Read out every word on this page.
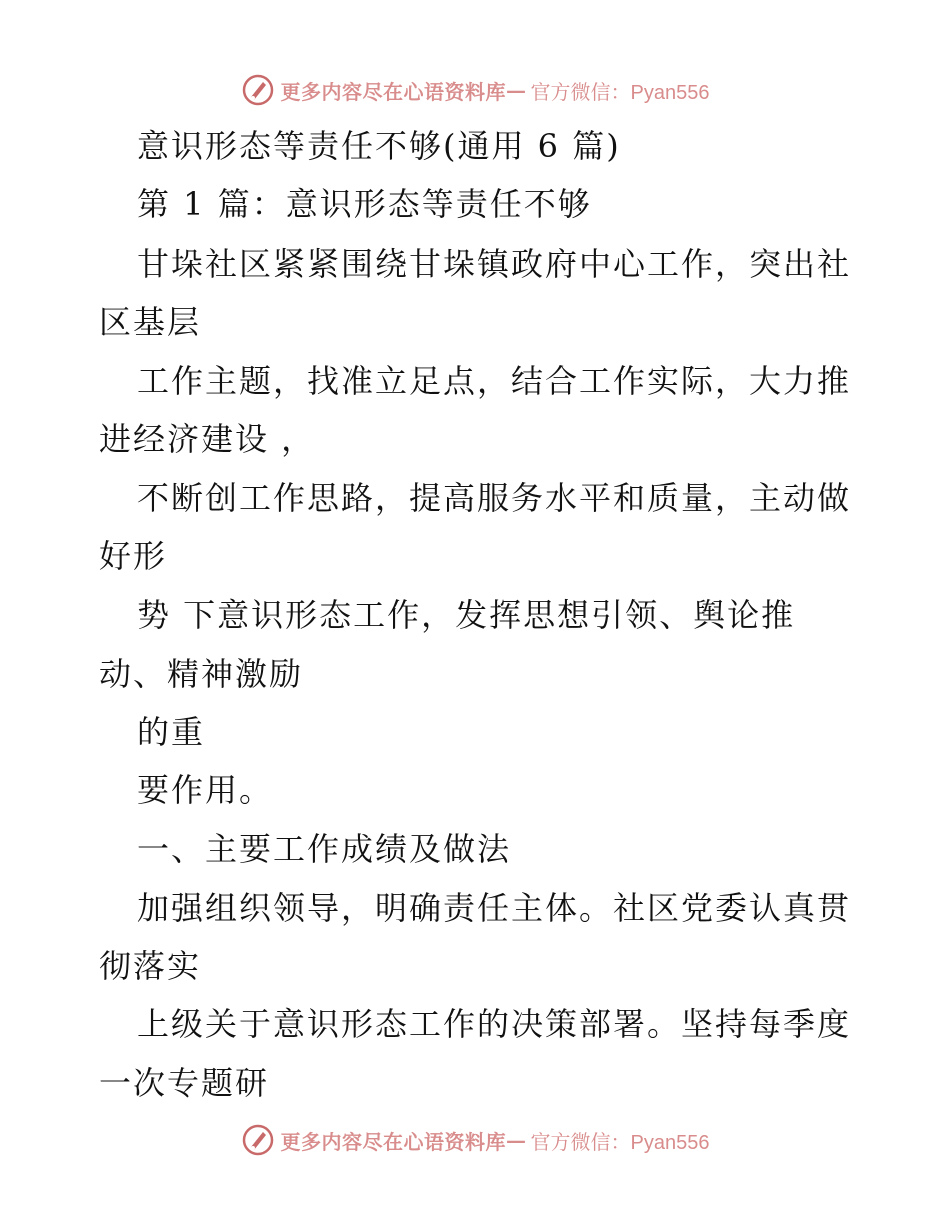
更多内容尽在心语资料库 — 官方微信：Pyan556
意识形态等责任不够(通用 6 篇)
第 1 篇：意识形态等责任不够
甘垛社区紧紧围绕甘垛镇政府中心工作，突出社
区基层
工作主题，找准立足点，结合工作实际，大力推
进经济建设 ，
不断创工作思路，提高服务水平和质量，主动做
好形
势 下意识形态工作，发挥思想引领、舆论推
动、精神激励
的重
要作用。
一、主要工作成绩及做法
加强组织领导，明确责任主体。社区党委认真贯
彻落实
上级关于意识形态工作的决策部署。坚持每季度
一次专题研
更多内容尽在心语资料库 — 官方微信：Pyan556
